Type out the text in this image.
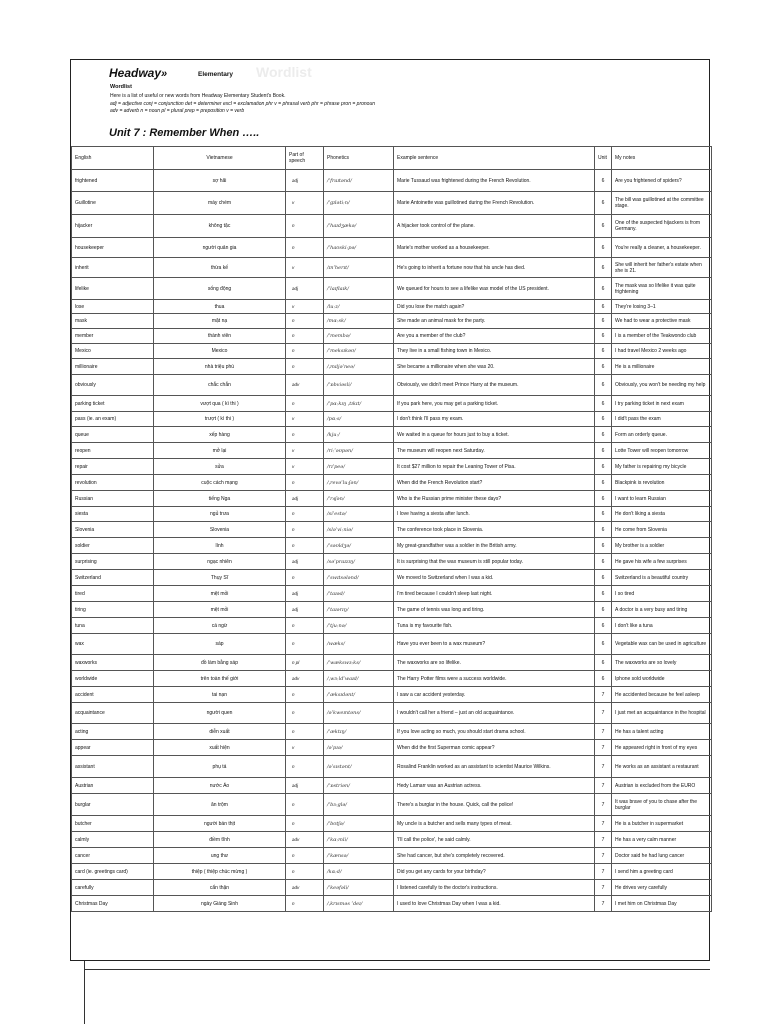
Headway»	Elementary Wordlist
Wordlist
Here is a list of useful or new words from Headway Elementary Student's Book.
adj = adjective conj = conjunction det = determiner excl = exclamation phr v = phrasal verb phr = phrase pron = pronoun
adv = adverb n = noun pl = plural prep = preposition v = verb
Unit 7 : Remember When …..
English	Vietnamese	Part of speech	Phonetics	Example sentence	Unit	My notes
frightened	sợ hãi	adj	/ˈfraɪtənd/	Marie Tussaud was frightened during the French Revolution.	6	Are you frightened of spiders?
Guillotine	máy chém	v	/ˈɡɪlətiːn/	Marie Antoinette was guillotined during the French Revolution.	6	The bill was guillotined at the committee stage.
hijacker	không tặc	n	/ˈhaɪdʒækə/	A hijacker took control of the plane.	6	One of the suspected hijackers is from Germany.
housekeeper	người quản gia	n	/ˈhaʊskiːpə/	Marie's mother worked as a housekeeper.	6	You're really a cleaner, a housekeeper.
inherit	thừa kế	v	/ɪnˈherɪt/	He's going to inherit a fortune now that his uncle has died.	6	She will inherit her father's estate when she is 21.
lifelike	sống động	adj	/ˈlaɪflaɪk/	We queued for hours to see a lifelike wax model of the US president.	6	The mask was so lifelike it was quite frightening
lose	thua	v	/luːz/	Did you lose the match again?	6	They're losing 3–1
mask	mặt nạ	n	/mɑːsk/	She made an animal mask for the party.	6	We had to wear a protective mask
member	thành viên	n	/ˈmembə/	Are you a member of the club?	6	I is a member of the Teakwondo club
Mexico	Mexico	n	/ˈmeksɪkəʊ/	They live in a small fishing town in Mexico.	6	I had travel Mexico 2 weeks ago
millionaire	nhà triệu phú	n	/ˌmɪljəˈneə/	She became a millionaire when she was 20.	6	He is a millionaire
obviously	chắc chắn	adv	/ˈɒbviəsli/	Obviously, we didn't meet Prince Harry at the museum.	6	Obviously, you won't be needing my help
parking ticket	vượt qua ( kì thi )	n	/ˈpɑːkɪŋ ˌtɪkɪt/	If you park here, you may get a parking ticket.	6	I try parking ticket in next exam
pass (ie. an exam)	trượt ( kì thi )	v	/pɑːs/	I don't think I'll pass my exam.	6	I did't pass the exam
queue	xếp hàng	n	/kjuː/	We waited in a queue for hours just to buy a ticket.	6	Form an orderly queue.
reopen	mở lại	v	/riːˈəʊpən/	The museum will reopen next Saturday.	6	Lotte Tower will reopen tomorrow
repair	sửa	v	/rɪˈpeə/	It cost $27 million to repair the Leaning Tower of Pisa.	6	My father is repairing my bicycle
revolution	cuộc cách mạng	n	/ˌrevəˈluːʃən/	When did the French Revolution start?	6	Blackpink is revolution
Russian	tiếng Nga	adj	/ˈrʌʃən/	Who is the Russian prime minister these days?	6	I want to learn Russian
siesta	ngủ trưa	n	/siˈestə/	I love having a siesta after lunch.	6	He don't liking a siesta
Slovenia	Slovenia	n	/sləˈviːniə/	The conference took place in Slovenia.	6	He come from Slovenia
soldier	lính	n	/ˈsəʊldʒə/	My great-grandfather was a soldier in the British army.	6	My brother is a soldier
surprising	ngạc nhiên	adj	/səˈpraɪzɪŋ/	It is surprising that the wax museum is still popular today.	6	He gave his wife a few surprises
Switzerland	Thụy Sĩ	n	/ˈswɪtsələnd/	We moved to Switzerland when I was a kid.	6	Switzerland is a beautiful country
tired	mệt mỏi	adj	/ˈtaɪəd/	I'm tired because I couldn't sleep last night.	6	I so tired
tiring	mệt mỏi	adj	/ˈtaɪərɪŋ/	The game of tennis was long and tiring.	6	A doctor is a very busy and tiring
tuna	cá ngừ	n	/ˈtjuːnə/	Tuna is my favourite fish.	6	I don't like a tuna
wax	sáp	n	/wæks/	Have you ever been to a wax museum?	6	Vegetable wax can be used in agriculture
waxworks	đồ làm bằng sáp	n pl	/ˈwækswɜːks/	The waxworks are so lifelike.	6	The waxworks are so lovely
worldwide	trên toàn thế giới	adv	/ˌwɜːldˈwaɪd/	The Harry Potter films were a success worldwide.	6	Iphone sold worldwide
accident	tai nạn	n	/ˈæksɪdənt/	I saw a car accident yesterday.	7	He accidented because he feel asleep
acquaintance	người quen	n	/əˈkweɪntəns/	I wouldn't call her a friend – just an old acquaintance.	7	I just met an acquaintance in the hospital
acting	diễn xuất	n	/ˈæktɪŋ/	If you love acting so much, you should start drama school.	7	He has a talent acting
appear	xuất hiện	v	/əˈpɪə/	When did the first Superman comic appear?	7	He appeared right in front of my eyes
assistant	phụ tá	n	/əˈsɪstənt/	Rosalind Franklin worked as an assistant to scientist Maurice Wilkins.	7	He works as an assistant a restaurant
Austrian	nước Áo	adj	/ˈɒstriən/	Hedy Lamarr was an Austrian actress.	7	Austrian is excluded from the EURO
burglar	ăn trộm	n	/ˈbɜːɡlə/	There's a burglar in the house. Quick, call the police!	7	It was brave of you to chase after the burglar
butcher	người bán thịt	n	/ˈbʊtʃə/	My uncle is a butcher and sells many types of meat.	7	He is a butcher in supermarket
calmly	điềm tĩnh	adv	/ˈkɑːmli/	'I'll call the police', he said calmly.	7	He has a very calm manner
cancer	ung thư	n	/ˈkænsə/	She had cancer, but she's completely recovered.	7	Doctor said he had lung cancer
card (ie. greetings card)	thiệp ( thiệp chúc mừng )	n	/kɑːd/	Did you get any cards for your birthday?	7	I send him a greeting card
carefully	cẩn thận	adv	/ˈkeəfəli/	I listened carefully to the doctor's instructions.	7	He drives very carefully
Christmas Day	ngày Giáng Sinh	n	/ˌkrɪsməs ˈdeɪ/	I used to love Christmas Day when I was a kid.	7	I met him on Christmas Day
